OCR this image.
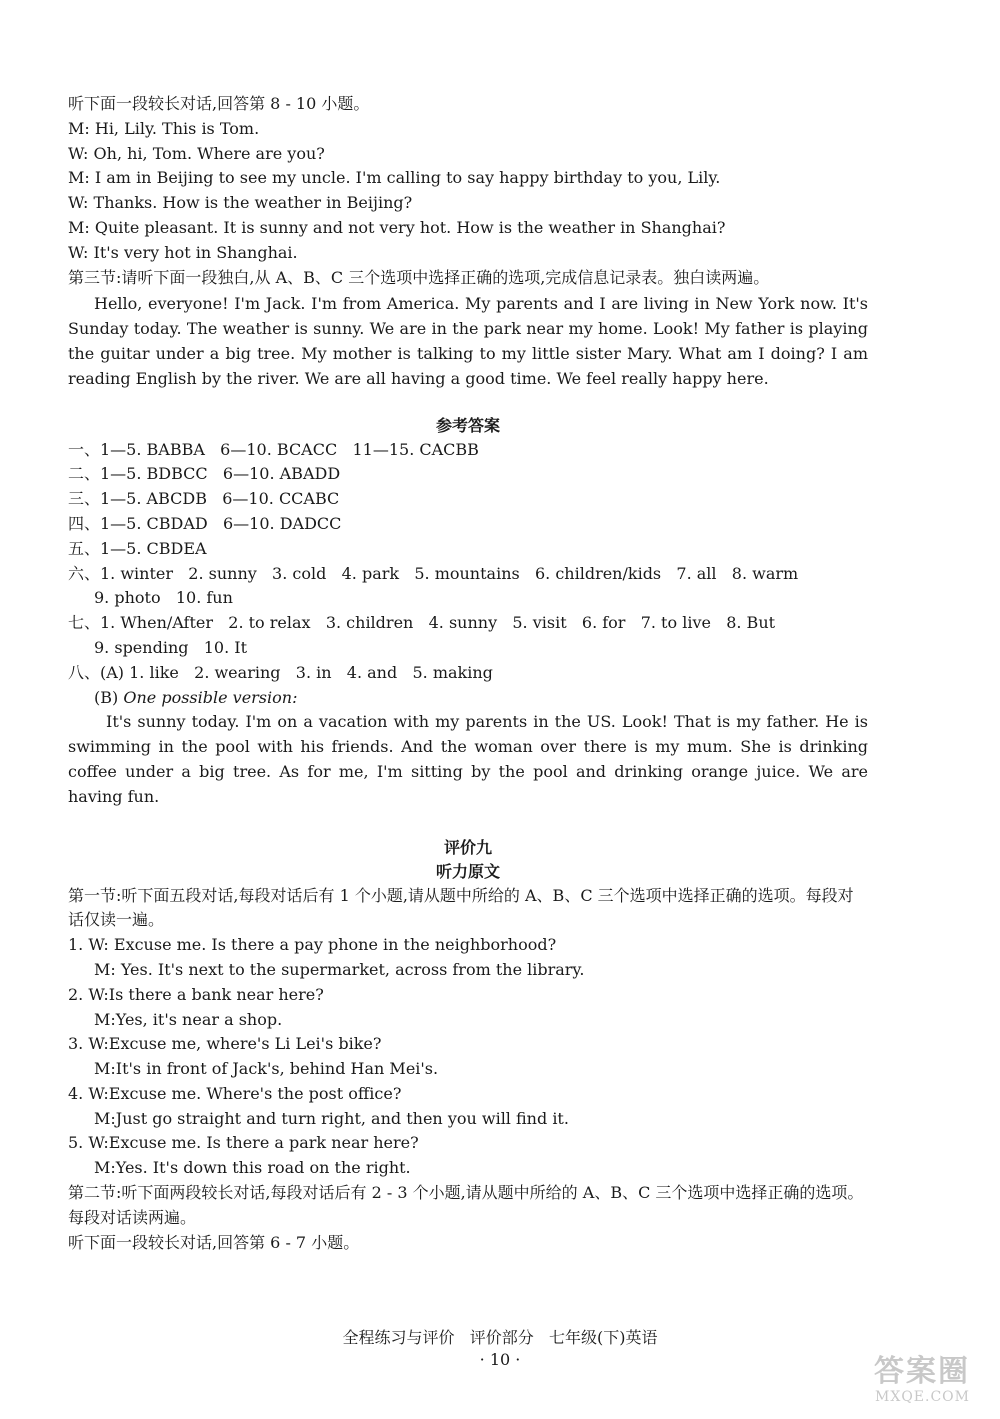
听下面一段较长对话,回答第 8 - 10 小题。
M: Hi, Lily. This is Tom.
W: Oh, hi, Tom. Where are you?
M: I am in Beijing to see my uncle. I'm calling to say happy birthday to you, Lily.
W: Thanks. How is the weather in Beijing?
M: Quite pleasant. It is sunny and not very hot. How is the weather in Shanghai?
W: It's very hot in Shanghai.
第三节:请听下面一段独白,从 A、B、C 三个选项中选择正确的选项,完成信息记录表。独白读两遍。
Hello, everyone! I'm Jack. I'm from America. My parents and I are living in New York now. It's Sunday today. The weather is sunny. We are in the park near my home. Look! My father is playing the guitar under a big tree. My mother is talking to my little sister Mary. What am I doing? I am reading English by the river. We are all having a good time. We feel really happy here.
参考答案
一、1—5. BABBA   6—10. BCACC   11—15. CACBB
二、1—5. BDBCC   6—10. ABADD
三、1—5. ABCDB   6—10. CCABC
四、1—5. CBDAD   6—10. DADCC
五、1—5. CBDEA
六、1. winter   2. sunny   3. cold   4. park   5. mountains   6. children/kids   7. all   8. warm
9. photo   10. fun
七、1. When/After   2. to relax   3. children   4. sunny   5. visit   6. for   7. to live   8. But
9. spending   10. It
八、(A) 1. like   2. wearing   3. in   4. and   5. making
(B) One possible version:
It's sunny today. I'm on a vacation with my parents in the US. Look! That is my father. He is swimming in the pool with his friends. And the woman over there is my mum. She is drinking coffee under a big tree. As for me, I'm sitting by the pool and drinking orange juice. We are having fun.
评价九
听力原文
第一节:听下面五段对话,每段对话后有 1 个小题,请从题中所给的 A、B、C 三个选项中选择正确的选项。每段对话仅读一遍。
1. W: Excuse me. Is there a pay phone in the neighborhood?
M: Yes. It's next to the supermarket, across from the library.
2. W:Is there a bank near here?
M:Yes, it's near a shop.
3. W:Excuse me, where's Li Lei's bike?
M:It's in front of Jack's, behind Han Mei's.
4. W:Excuse me. Where's the post office?
M:Just go straight and turn right, and then you will find it.
5. W:Excuse me. Is there a park near here?
M:Yes. It's down this road on the right.
第二节:听下面两段较长对话,每段对话后有 2 - 3 个小题,请从题中所给的 A、B、C 三个选项中选择正确的选项。每段对话读两遍。
听下面一段较长对话,回答第 6 - 7 小题。
全程练习与评价   评价部分   七年级(下)英语
· 10 ·	答案圈
MXQE.COM
